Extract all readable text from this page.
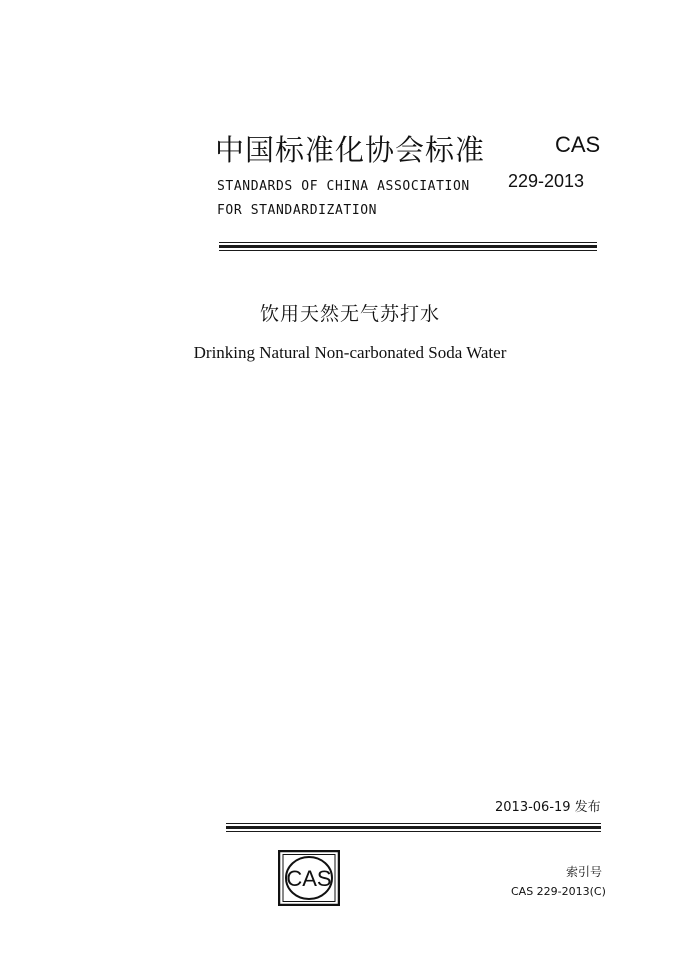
中国标准化协会标准	CAS
STANDARDS OF CHINA ASSOCIATION
FOR STANDARDIZATION
229-2013
饮用天然无气苏打水
Drinking Natural Non-carbonated Soda Water
2013-06-19 发布
CAS	索引号
CAS 229-2013(C)
